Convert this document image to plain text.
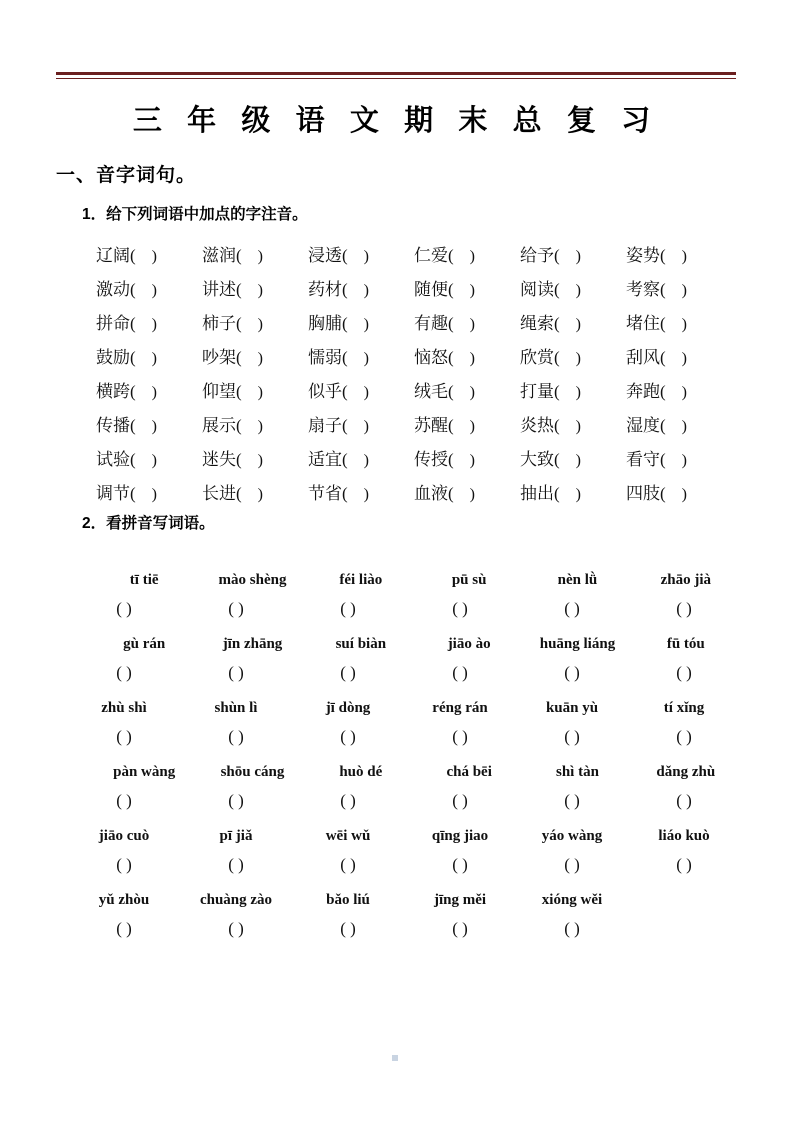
三 年 级 语 文 期 末 总 复 习
一、音字词句。
1．给下列词语中加点的字注音。
辽阔(  )	滋润(  )	浸透(  )	仁爱(  )	给予(  )	姿势(  )
激动(  )	讲述(  )	药材(  )	随便(  )	阅读(  )	考察(  )
拼命(  )	柿子(  )	胸脯(  )	有趣(  )	绳索(  )	堵住(  )
鼓励(  )	吵架(  )	懦弱(  )	恼怒(  )	欣赏(  )	刮风(  )
横跨(  )	仰望(  )	似乎(  )	绒毛(  )	打量(  )	奔跑(  )
传播(  )	展示(  )	扇子(  )	苏醒(  )	炎热(  )	湿度(  )
试验(  )	迷失(  )	适宜(  )	传授(  )	大致(  )	看守(  )
调节(  )	长进(  )	节省(  )	血液(  )	抽出(  )	四肢(  )
2．看拼音写词语。
tī tiē	mào shèng	féi liào	pū sù	nèn lǜ	zhāo jià
( )	( )	( )	( )	( )	( )
gù rán	jīn zhāng	suí biàn	jiāo ào	huāng liáng	fū tóu
( )	( )	( )	( )	( )	( )
zhù shì	shùn lì	jī dòng	réng rán	kuān yù	tí xǐng
( )	( )	( )	( )	( )	( )
pàn wàng	shōu cáng	huò dé	chá bēi	shì tàn	dǎng zhù
( )	( )	( )	( )	( )	( )
jiāo cuò	pī jiǎ	wēi wǔ	qīng jiao	yáo wàng	liáo kuò
( )	( )	( )	( )	( )	( )
yǔ zhòu	chuàng zào	bǎo liú	jīng měi	xióng wěi
( )	( )	( )	( )	( )
